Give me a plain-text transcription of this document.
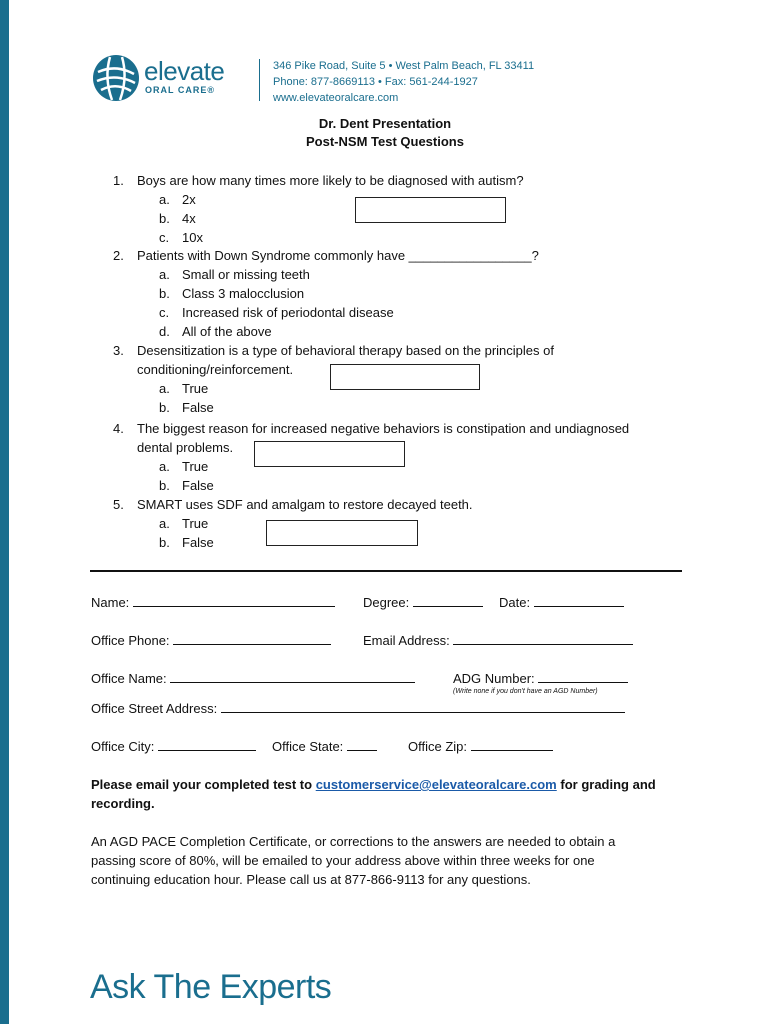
elevate
ORAL CARE®
346 Pike Road, Suite 5 • West Palm Beach, FL 33411
Phone: 877-8669113 • Fax: 561-244-1927
www.elevateoralcare.com
Dr. Dent Presentation
Post-NSM Test Questions
1. Boys are how many times more likely to be diagnosed with autism?
a. 2x
b. 4x
c. 10x
2. Patients with Down Syndrome commonly have _________________?
a. Small or missing teeth
b. Class 3 malocclusion
c. Increased risk of periodontal disease
d. All of the above
3. Desensitization is a type of behavioral therapy based on the principles of
conditioning/reinforcement.
a. True
b. False
4. The biggest reason for increased negative behaviors is constipation and undiagnosed
dental problems.
a. True
b. False
5. SMART uses SDF and amalgam to restore decayed teeth.
a. True
b. False
Name:	Degree:	Date:
Office Phone:	Email Address:
Office Name:	ADG Number:
(Write none if you don't have an AGD Number)
Office Street Address:
Office City:	Office State:	Office Zip:
Please email your completed test to customerservice@elevateoralcare.com for grading and
recording.
An AGD PACE Completion Certificate, or corrections to the answers are needed to obtain a
passing score of 80%, will be emailed to your address above within three weeks for one
continuing education hour. Please call us at 877-866-9113 for any questions.
Ask The Experts
